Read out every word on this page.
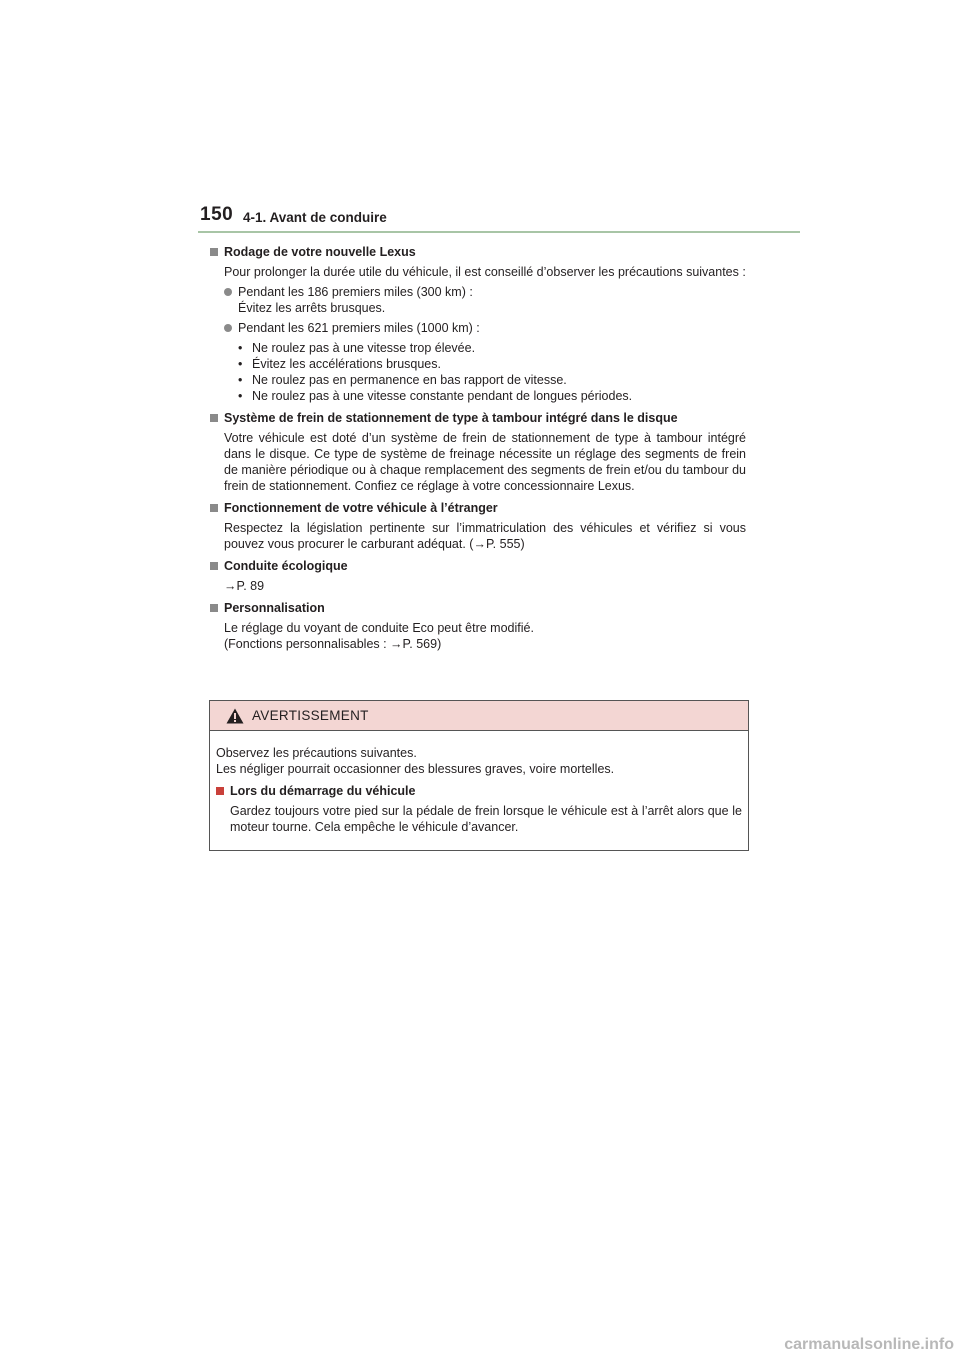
150 4-1. Avant de conduire
Rodage de votre nouvelle Lexus
Pour prolonger la durée utile du véhicule, il est conseillé d’observer les précautions suivantes :
Pendant les 186 premiers miles (300 km) :
Évitez les arrêts brusques.
Pendant les 621 premiers miles (1000 km) :
• Ne roulez pas à une vitesse trop élevée.
• Évitez les accélérations brusques.
• Ne roulez pas en permanence en bas rapport de vitesse.
• Ne roulez pas à une vitesse constante pendant de longues périodes.
Système de frein de stationnement de type à tambour intégré dans le disque
Votre véhicule est doté d’un système de frein de stationnement de type à tambour intégré dans le disque. Ce type de système de freinage nécessite un réglage des segments de frein de manière périodique ou à chaque remplacement des segments de frein et/ou du tambour du frein de stationnement. Confiez ce réglage à votre concessionnaire Lexus.
Fonctionnement de votre véhicule à l’étranger
Respectez la législation pertinente sur l’immatriculation des véhicules et vérifiez si vous pouvez vous procurer le carburant adéquat. (→P. 555)
Conduite écologique
→P. 89
Personnalisation
Le réglage du voyant de conduite Eco peut être modifié.
(Fonctions personnalisables : →P. 569)
AVERTISSEMENT
Observez les précautions suivantes.
Les négliger pourrait occasionner des blessures graves, voire mortelles.
Lors du démarrage du véhicule
Gardez toujours votre pied sur la pédale de frein lorsque le véhicule est à l’arrêt alors que le moteur tourne. Cela empêche le véhicule d’avancer.
carmanualsonline.info
